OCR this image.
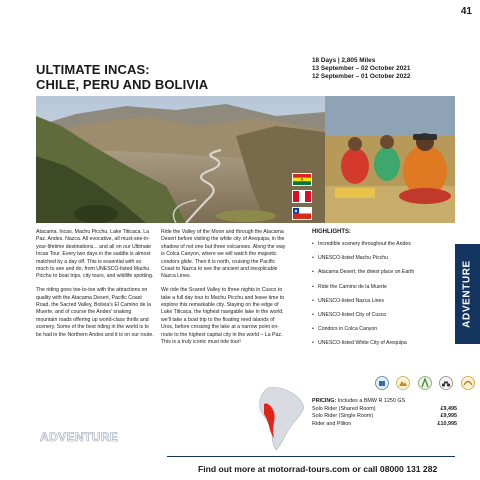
41
ULTIMATE INCAS:
CHILE, PERU AND BOLIVIA
18 Days | 2,805 Miles
13 September – 02 October 2021
12 September – 01 October 2022

Atacama. Incas. Machu Picchu. Lake Titicaca. La Paz. Andes. Nazca. All evocative, all must-see-in-your-lifetime destinations... and all on our Ultimate Incas Tour. Every two days in the saddle is almost matched by a day off. This is essential with so much to see and do, from UNESCO-listed Machu Picchu to boat trips, city tours, and wildlife spotting.

The riding goes toe-to-toe with the attractions on quality with the Atacama Desert, Pacific Coast Road, the Sacred Valley, Bolivia's El Camino de la Muerte, and of course the Andes' snaking mountain roads offering up world-class thrills and scenery. Some of the best riding in the world is to be had in the Northern Andes and it is on our route.

Ride the Valley of the Moon and through the Atacama Desert before visiting the white city of Arequipa, in the shadow of not one but three volcanoes. Along the way is Colca Canyon, where we will watch the majestic condors glide. Then it is north, cruising the Pacific Coast to Nazca to see the ancient and inexplicable Nazca Lines.

We ride the Scared Valley to three nights in Cusco to take a full day tour to Machu Picchu and leave time to explore this remarkable city. Staying on the edge of Lake Titicaca, the highest navigable lake in the world, we'll take a boat trip to the floating reed islands of Uros, before crossing the lake at a narrow point en-route to the highest capital city in the world – La Paz. This is a truly iconic must ride tour!

HIGHLIGHTS:
• Incredible scenery throughout the Andes
• UNESCO-listed Machu Picchu
• Atacama Desert, the driest place on Earth
• Ride the Camino de la Muerte
• UNESCO-listed Nazca Lines
• UNESCO-listed City of Cusco
• Condors in Colca Canyon
• UNESCO-listed White City of Arequipa
ADVENTURE

PRICING: Includes a BMW R 1250 GS
Solo Rider (Shared Room)	£9,495
Solo Rider (Single Room)	£9,995
Rider and Pillion	£10,995
ADVENTURE
Find out more at motorrad-tours.com or call 08000 131 282
